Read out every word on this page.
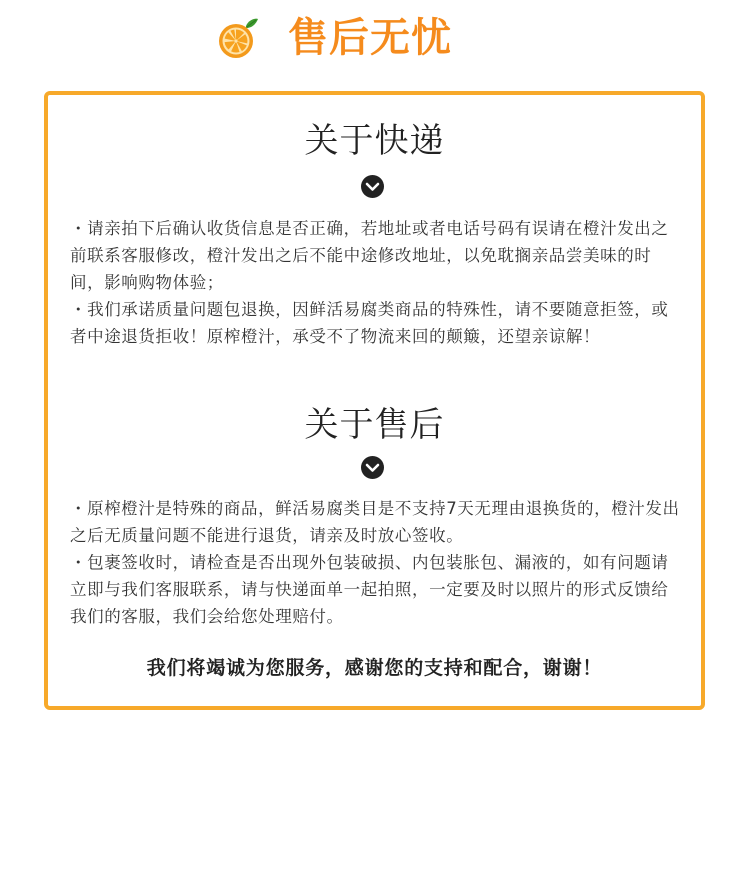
售后无忧
关于快递

・请亲拍下后确认收货信息是否正确，若地址或者电话号码有误请在橙汁发出之前联系客服修改，橙汁发出之后不能中途修改地址，以免耽搁亲品尝美味的时间，影响购物体验；

・我们承诺质量问题包退换，因鲜活易腐类商品的特殊性，请不要随意拒签，或者中途退货拒收！原榨橙汁，承受不了物流来回的颠簸，还望亲谅解！

关于售后

・原榨橙汁是特殊的商品，鲜活易腐类目是不支持7天无理由退换货的，橙汁发出之后无质量问题不能进行退货，请亲及时放心签收。

・包裹签收时，请检查是否出现外包装破损、内包装胀包、漏液的，如有问题请立即与我们客服联系，请与快递面单一起拍照，一定要及时以照片的形式反馈给我们的客服，我们会给您处理赔付。

我们将竭诚为您服务，感谢您的支持和配合，谢谢！
